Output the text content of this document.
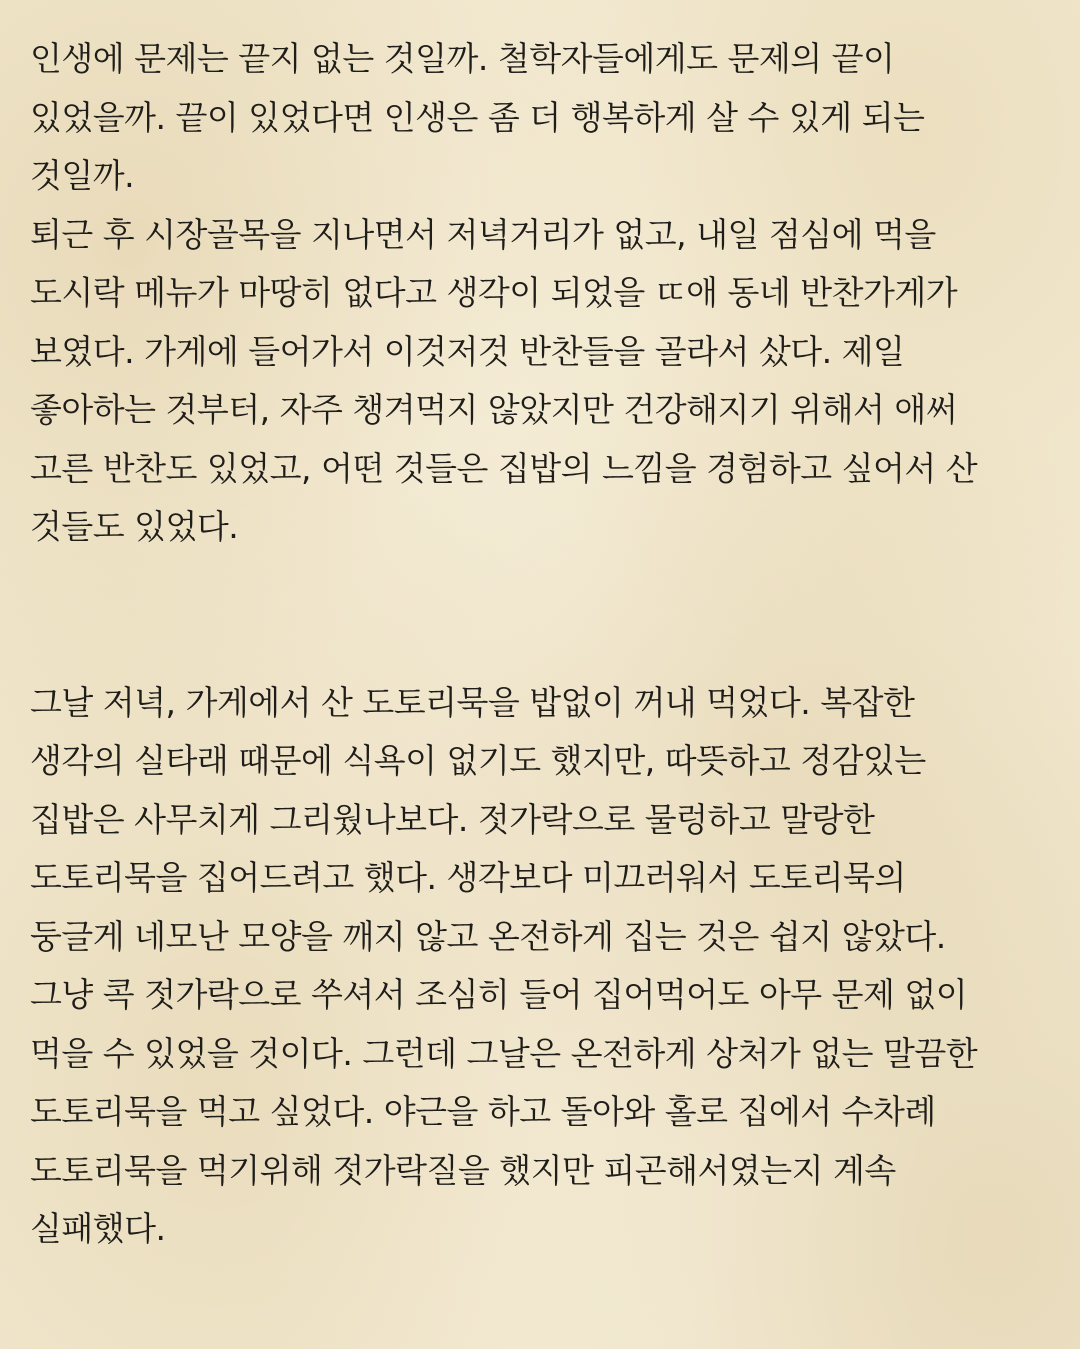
인생에 문제는 끝지 없는 것일까. 철학자들에게도 문제의 끝이
있었을까. 끝이 있었다면 인생은 좀 더 행복하게 살 수 있게 되는
것일까.
퇴근 후 시장골목을 지나면서 저녁거리가 없고, 내일 점심에 먹을
도시락 메뉴가 마땅히 없다고 생각이 되었을 ㄸ애 동네 반찬가게가
보였다. 가게에 들어가서 이것저것 반찬들을 골라서 샀다. 제일
좋아하는 것부터, 자주 챙겨먹지 않았지만 건강해지기 위해서 애써
고른 반찬도 있었고, 어떤 것들은 집밥의 느낌을 경험하고 싶어서 산
것들도 있었다.
그날 저녁, 가게에서 산 도토리묵을 밥없이 꺼내 먹었다. 복잡한
생각의 실타래 때문에 식욕이 없기도 했지만, 따뜻하고 정감있는
집밥은 사무치게 그리웠나보다. 젓가락으로 물렁하고 말랑한
도토리묵을 집어드려고 했다. 생각보다 미끄러워서 도토리묵의
둥글게 네모난 모양을 깨지 않고 온전하게 집는 것은 쉽지 않았다.
그냥 콕 젓가락으로 쑤셔서 조심히 들어 집어먹어도 아무 문제 없이
먹을 수 있었을 것이다. 그런데 그날은 온전하게 상처가 없는 말끔한
도토리묵을 먹고 싶었다. 야근을 하고 돌아와 홀로 집에서 수차례
도토리묵을 먹기위해 젓가락질을 했지만 피곤해서였는지 계속
실패했다.
